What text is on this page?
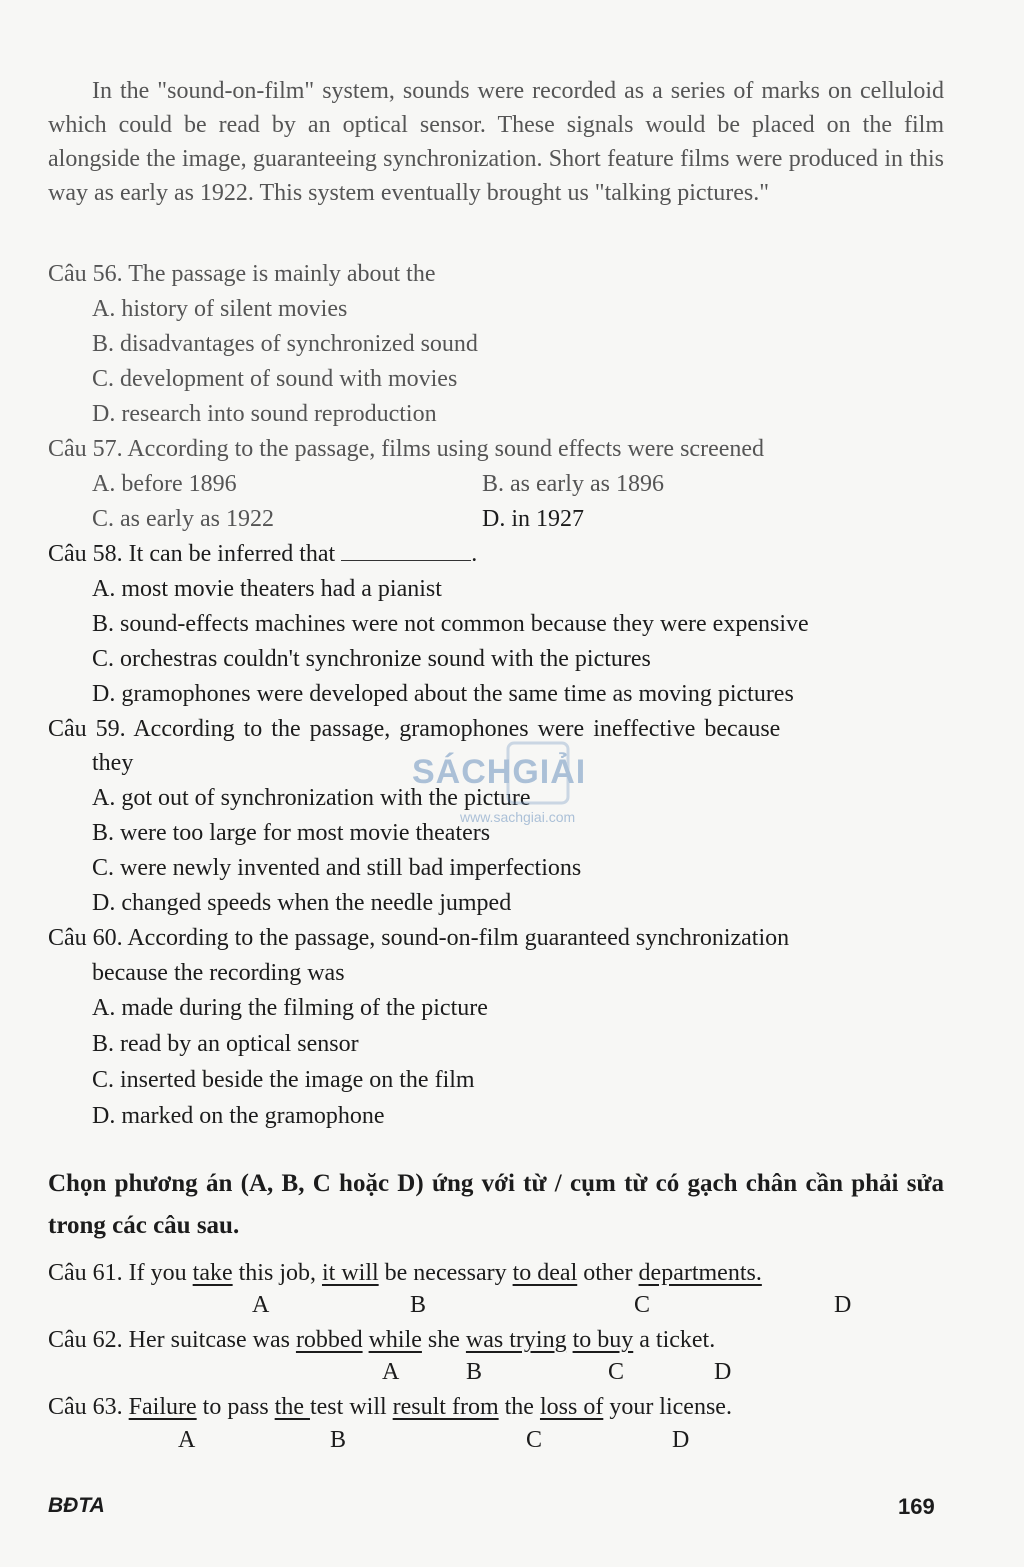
In the "sound-on-film" system, sounds were recorded as a series of marks on celluloid which could be read by an optical sensor. These signals would be placed on the film alongside the image, guaranteeing synchronization. Short feature films were produced in this way as early as 1922. This system eventually brought us "talking pictures."
Câu 56. The passage is mainly about the
A. history of silent movies
B. disadvantages of synchronized sound
C. development of sound with movies
D. research into sound reproduction
Câu 57. According to the passage, films using sound effects were screened
A. before 1896	B. as early as 1896
C. as early as 1922	D. in 1927
Câu 58. It can be inferred that	.
A. most movie theaters had a pianist
B. sound-effects machines were not common because they were expensive
C. orchestras couldn't synchronize sound with the pictures
D. gramophones were developed about the same time as moving pictures
Câu 59. According to the passage, gramophones were ineffective because
they
A. got out of synchronization with the picture
B. were too large for most movie theaters
C. were newly invented and still bad imperfections
D. changed speeds when the needle jumped
Câu 60. According to the passage, sound-on-film guaranteed synchronization
because the recording was
A. made during the filming of the picture
B. read by an optical sensor
C. inserted beside the image on the film
D. marked on the gramophone
Chọn phương án (A, B, C hoặc D) ứng với từ / cụm từ có gạch chân cần phải sửa trong các câu sau.
Câu 61. If you take this job, it will be necessary to deal other departments.
A	B	C	D
Câu 62. Her suitcase was robbed while she was trying to buy a ticket.
A	B	C	D
Câu 63. Failure to pass the test will result from the loss of your license.
A	B	C	D
SÁCHGIẢI
www.sachgiai.com
BĐTA	169
